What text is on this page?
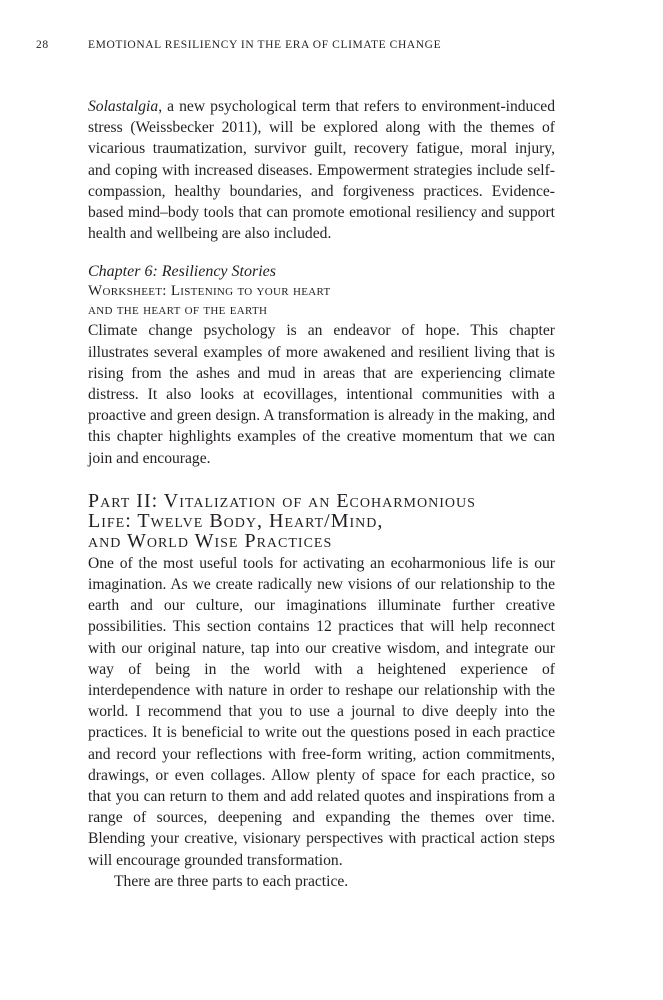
28	EMOTIONAL RESILIENCY IN THE ERA OF CLIMATE CHANGE

Solastalgia, a new psychological term that refers to environment-induced stress (Weissbecker 2011), will be explored along with the themes of vicarious traumatization, survivor guilt, recovery fatigue, moral injury, and coping with increased diseases. Empowerment strategies include self-compassion, healthy boundaries, and forgiveness practices. Evidence-based mind–body tools that can promote emotional resiliency and support health and wellbeing are also included.

Chapter 6: Resiliency Stories

Worksheet: Listening to your heart

and the heart of the earth

Climate change psychology is an endeavor of hope. This chapter illustrates several examples of more awakened and resilient living that is rising from the ashes and mud in areas that are experiencing climate distress. It also looks at ecovillages, intentional communities with a proactive and green design. A transformation is already in the making, and this chapter highlights examples of the creative momentum that we can join and encourage.

Part II: Vitalization of an Ecoharmonious
Life: Twelve Body, Heart/Mind,
and World Wise Practices

One of the most useful tools for activating an ecoharmonious life is our imagination. As we create radically new visions of our relationship to the earth and our culture, our imaginations illuminate further creative possibilities. This section contains 12 practices that will help reconnect with our original nature, tap into our creative wisdom, and integrate our way of being in the world with a heightened experience of interdependence with nature in order to reshape our relationship with the world. I recommend that you to use a journal to dive deeply into the practices. It is beneficial to write out the questions posed in each practice and record your reflections with free-form writing, action commitments, drawings, or even collages. Allow plenty of space for each practice, so that you can return to them and add related quotes and inspirations from a range of sources, deepening and expanding the themes over time. Blending your creative, visionary perspectives with practical action steps will encourage grounded transformation.

There are three parts to each practice.
